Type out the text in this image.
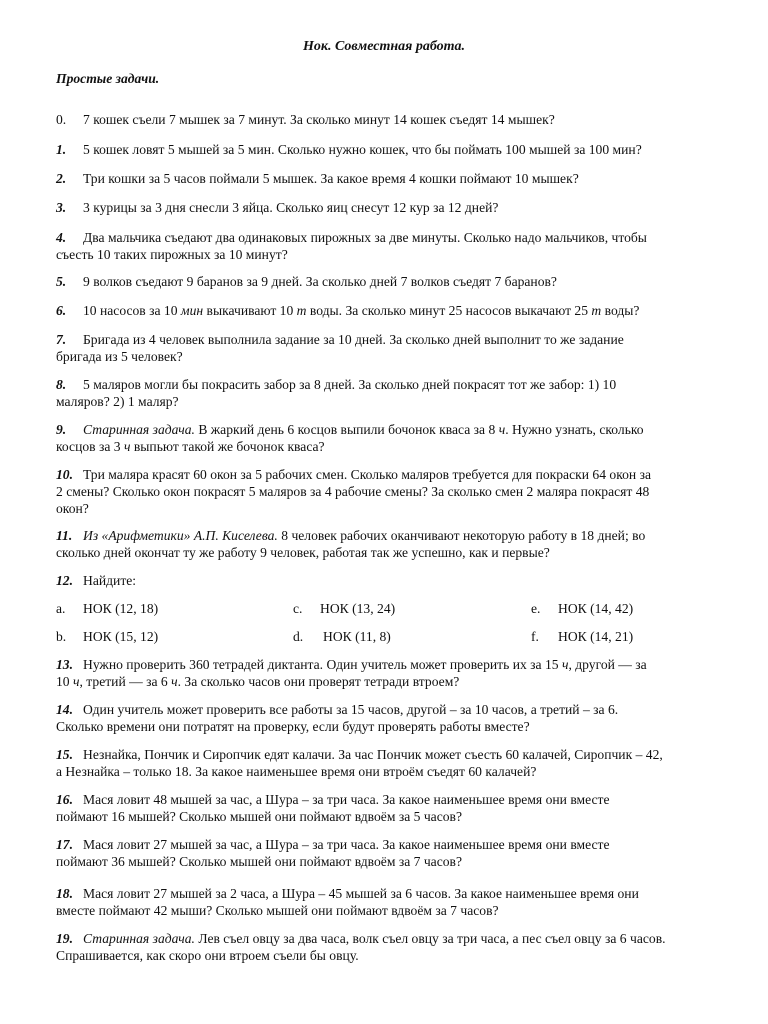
Нок. Совместная работа.
Простые задачи.
0. 7 кошек съели 7 мышек за 7 минут. За сколько минут 14 кошек съедят 14 мышек?
1. 5 кошек ловят 5 мышей за 5 мин. Сколько нужно кошек, что бы поймать 100 мышей за 100 мин?
2. Три кошки за 5 часов поймали 5 мышек. За какое время 4 кошки поймают 10 мышек?
3. 3 курицы за 3 дня снесли 3 яйца. Сколько яиц снесут 12 кур за 12 дней?
4. Два мальчика съедают два одинаковых пирожных за две минуты. Сколько надо мальчиков, чтобы
съесть 10 таких пирожных за 10 минут?
5. 9 волков съедают 9 баранов за 9 дней. За сколько дней 7 волков съедят 7 баранов?
6. 10 насосов за 10 мин выкачивают 10 т воды. За сколько минут 25 насосов выкачают 25 т воды?
7. Бригада из 4 человек выполнила задание за 10 дней. За сколько дней выполнит то же задание
бригада из 5 человек?
8. 5 маляров могли бы покрасить забор за 8 дней. За сколько дней покрасят тот же забор: 1) 10
маляров? 2) 1 маляр?
9. Старинная задача. В жаркий день 6 косцов выпили бочонок кваса за 8 ч. Нужно узнать, сколько
косцов за 3 ч выпьют такой же бочонок кваса?
10. Три маляра красят 60 окон за 5 рабочих смен. Сколько маляров требуется для покраски 64 окон за
2 смены? Сколько окон покрасят 5 маляров за 4 рабочие смены? За сколько смен 2 маляра покрасят 48
окон?
11. Из «Арифметики» А.П. Киселева. 8 человек рабочих оканчивают некоторую работу в 18 дней; во
сколько дней окончат ту же работу 9 человек, работая так же успешно, как и первые?
12. Найдите:
a. НОК (12, 18)	c. НОК (13, 24)	e. НОК (14, 42)
b. НОК (15, 12)	d. НОК (11, 8)	f. НОК (14, 21)
13. Нужно проверить 360 тетрадей диктанта. Один учитель может проверить их за 15 ч, другой — за
10 ч, третий — за 6 ч. За сколько часов они проверят тетради втроем?
14. Один учитель может проверить все работы за 15 часов, другой – за 10 часов, а третий – за 6.
Сколько времени они потратят на проверку, если будут проверять работы вместе?
15. Незнайка, Пончик и Сиропчик едят калачи. За час Пончик может съесть 60 калачей, Сиропчик – 42,
а Незнайка – только 18. За какое наименьшее время они втроём съедят 60 калачей?
16. Мася ловит 48 мышей за час, а Шура – за три часа. За какое наименьшее время они вместе
поймают 16 мышей? Сколько мышей они поймают вдвоём за 5 часов?
17. Мася ловит 27 мышей за час, а Шура – за три часа. За какое наименьшее время они вместе
поймают 36 мышей? Сколько мышей они поймают вдвоём за 7 часов?
18. Мася ловит 27 мышей за 2 часа, а Шура – 45 мышей за 6 часов. За какое наименьшее время они
вместе поймают 42 мыши? Сколько мышей они поймают вдвоём за 7 часов?
19. Старинная задача. Лев съел овцу за два часа, волк съел овцу за три часа, а пес съел овцу за 6 часов.
Спрашивается, как скоро они втроем съели бы овцу.
